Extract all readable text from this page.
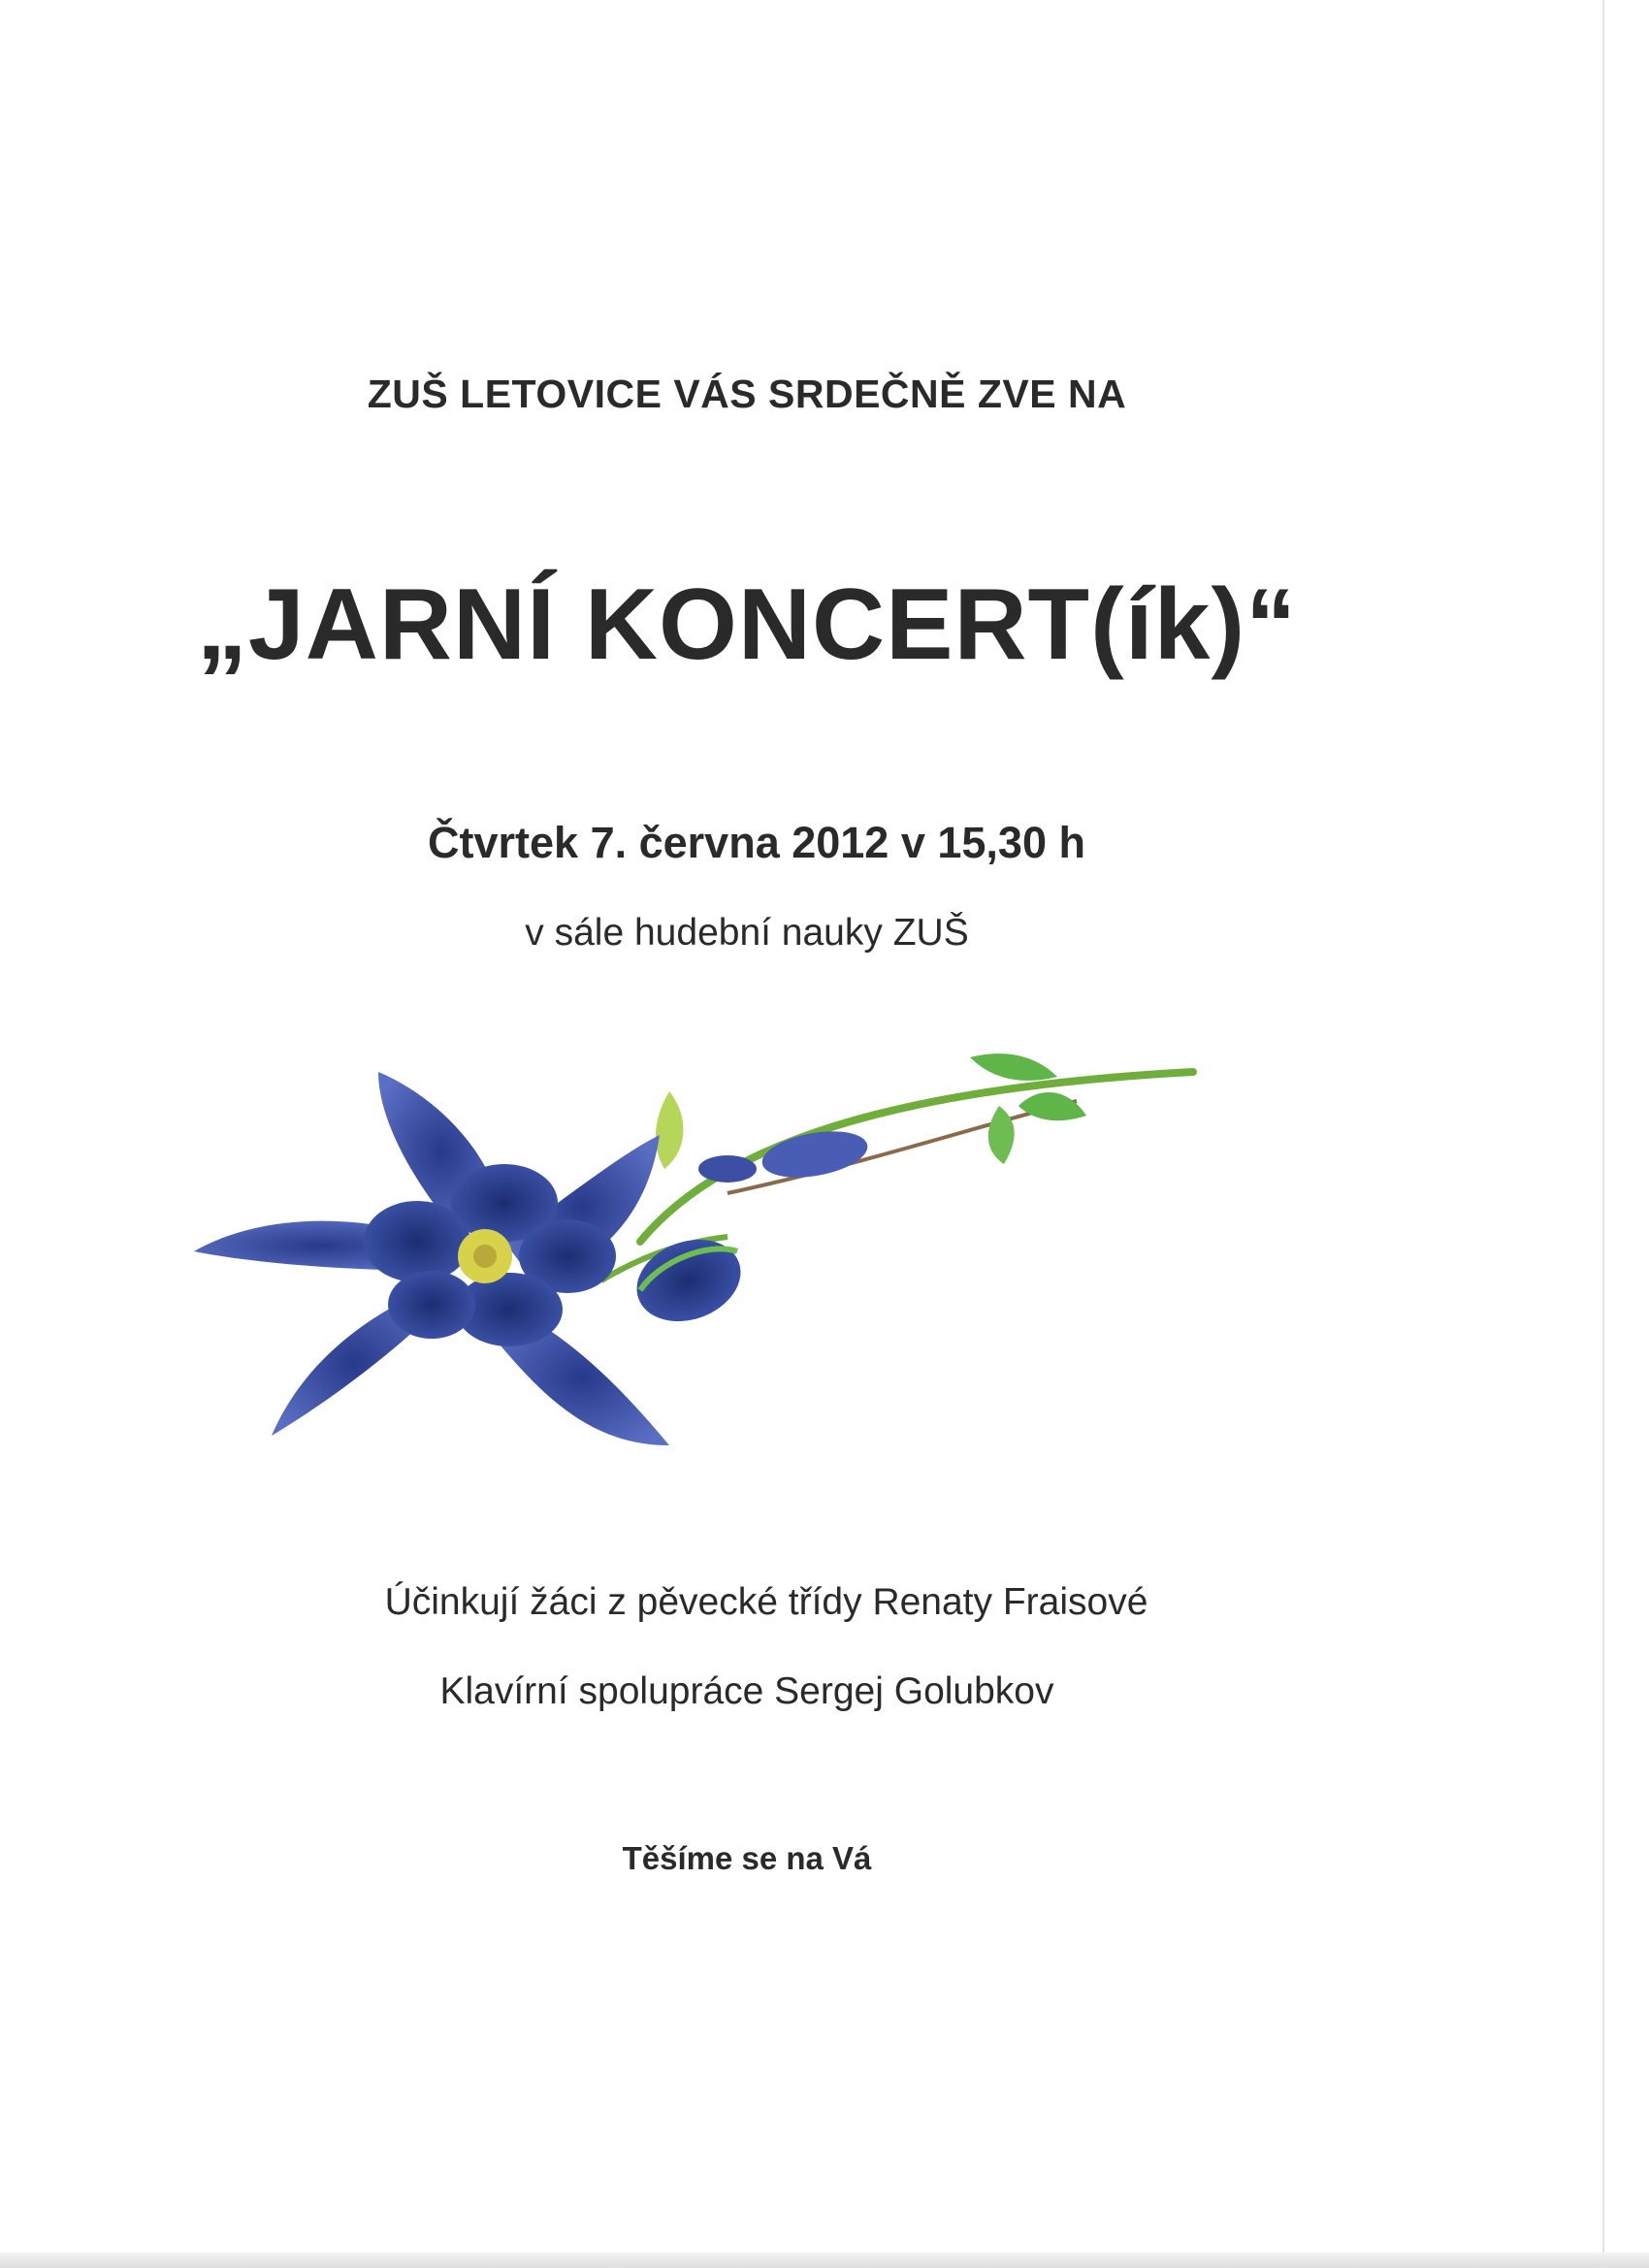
ZUŠ LETOVICE VÁS SRDEČNĚ ZVE NA

„JARNÍ KONCERT(ík)“

Čtvrtek 7. června 2012 v 15,30 h

v sále hudební nauky ZUŠ

Účinkují žáci z pěvecké třídy Renaty Fraisové

Klavírní spolupráce Sergej Golubkov

Těšíme se na Vá
